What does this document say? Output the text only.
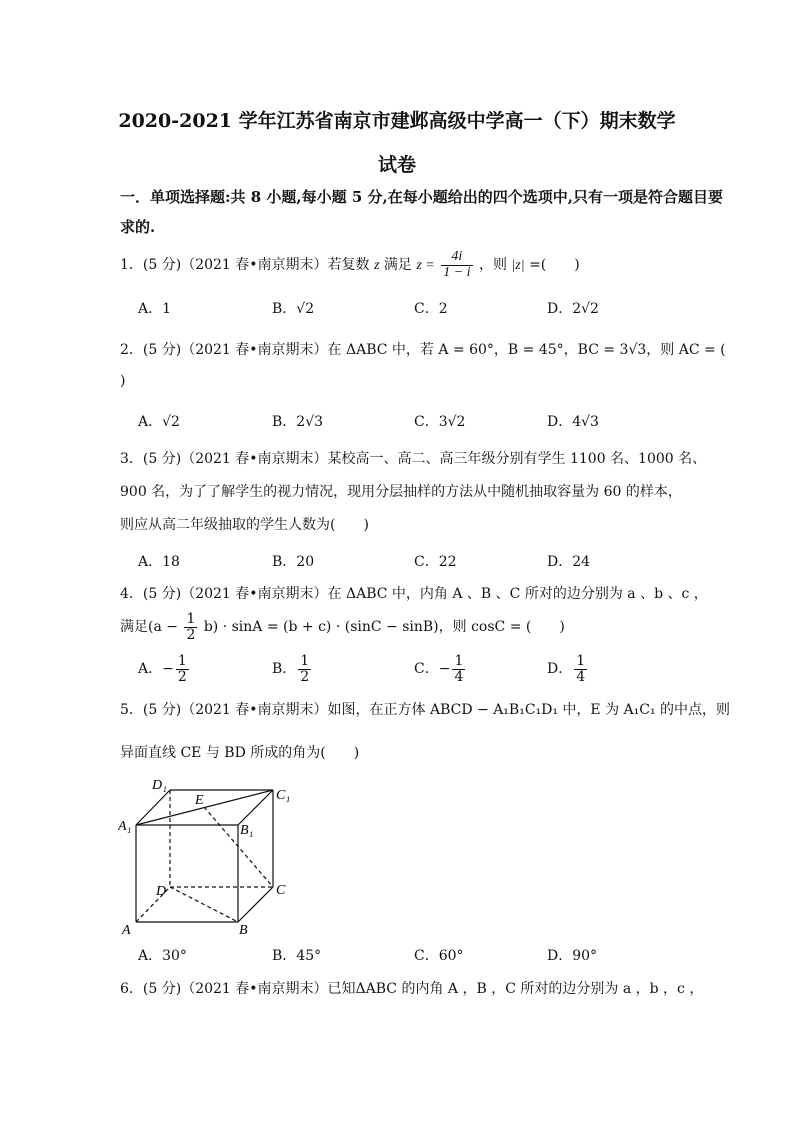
2020-2021 学年江苏省南京市建邺高级中学高一（下）期末数学
试卷
一．单项选择题:共 8 小题,每小题 5 分,在每小题给出的四个选项中,只有一项是符合题目要
求的.
1．(5 分)（2021 春•南京期末）若复数 z 满足 $z = \frac{4i}{1 - i}$ ，则 |z| =(　　)
A．1	B．√2	C．2	D．2√2
2．(5 分)（2021 春•南京期末）在 ΔABC 中，若 A = 60°，B = 45°，BC = 3√3，则 AC = (
)
A．√2	B．2√3	C．3√2	D．4√3
3．(5 分)（2021 春•南京期末）某校高一、高二、高三年级分别有学生 1100 名、1000 名、
900 名，为了了解学生的视力情况，现用分层抽样的方法从中随机抽取容量为 60 的样本，
则应从高二年级抽取的学生人数为(　　)
A．18	B．20	C．22	D．24
4．(5 分)（2021 春•南京期末）在 ΔABC 中，内角 A 、B 、C 所对的边分别为 a 、b 、c ，
满足$(a - \frac{1}{2} b) \cdot \sin A = (b + c) \cdot (\sin C - \sin B)$，则 cosC = (　　)
A．− $\frac{1}{2}$	B． $\frac{1}{2}$	C．− $\frac{1}{4}$	D． $\frac{1}{4}$
5．(5 分)（2021 春•南京期末）如图，在正方体 ABCD − A₁B₁C₁D₁ 中，E 为 A₁C₁ 的中点，则
异面直线 CE 与 BD 所成的角为(　　)
D₁
E	C₁
A₁	B₁
D	C
A	B
A．30°	B．45°	C．60°	D．90°
6．(5 分)（2021 春•南京期末）已知ΔABC 的内角 A ，B ，C 所对的边分别为 a ，b ，c ，
